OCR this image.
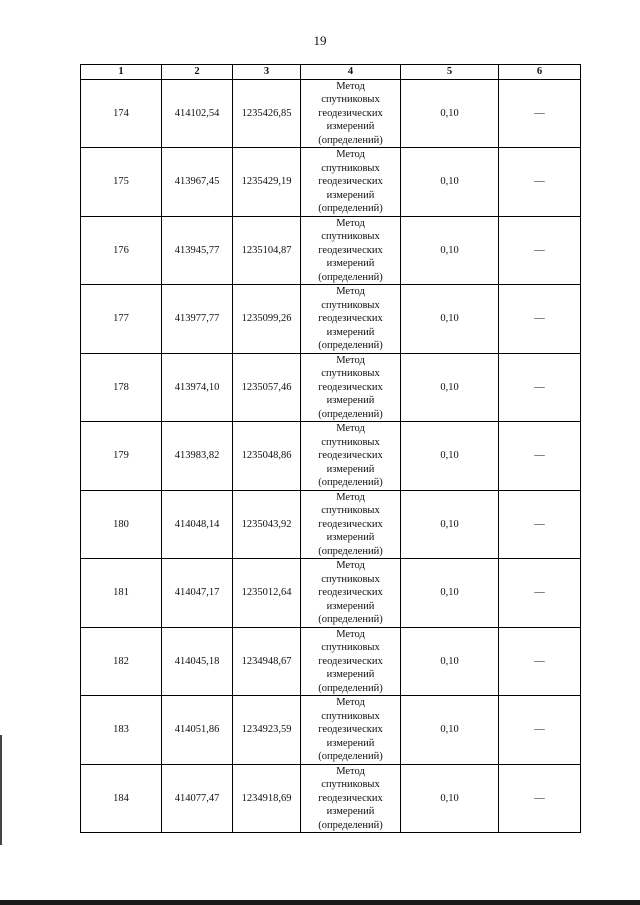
19
1	2	3	4	5	6
174	414102,54	1235426,85	Метод
спутниковых
геодезических
измерений
(определений)	0,10	—
175	413967,45	1235429,19	Метод
спутниковых
геодезических
измерений
(определений)	0,10	—
176	413945,77	1235104,87	Метод
спутниковых
геодезических
измерений
(определений)	0,10	—
177	413977,77	1235099,26	Метод
спутниковых
геодезических
измерений
(определений)	0,10	—
178	413974,10	1235057,46	Метод
спутниковых
геодезических
измерений
(определений)	0,10	—
179	413983,82	1235048,86	Метод
спутниковых
геодезических
измерений
(определений)	0,10	—
180	414048,14	1235043,92	Метод
спутниковых
геодезических
измерений
(определений)	0,10	—
181	414047,17	1235012,64	Метод
спутниковых
геодезических
измерений
(определений)	0,10	—
182	414045,18	1234948,67	Метод
спутниковых
геодезических
измерений
(определений)	0,10	—
183	414051,86	1234923,59	Метод
спутниковых
геодезических
измерений
(определений)	0,10	—
184	414077,47	1234918,69	Метод
спутниковых
геодезических
измерений
(определений)	0,10	—
